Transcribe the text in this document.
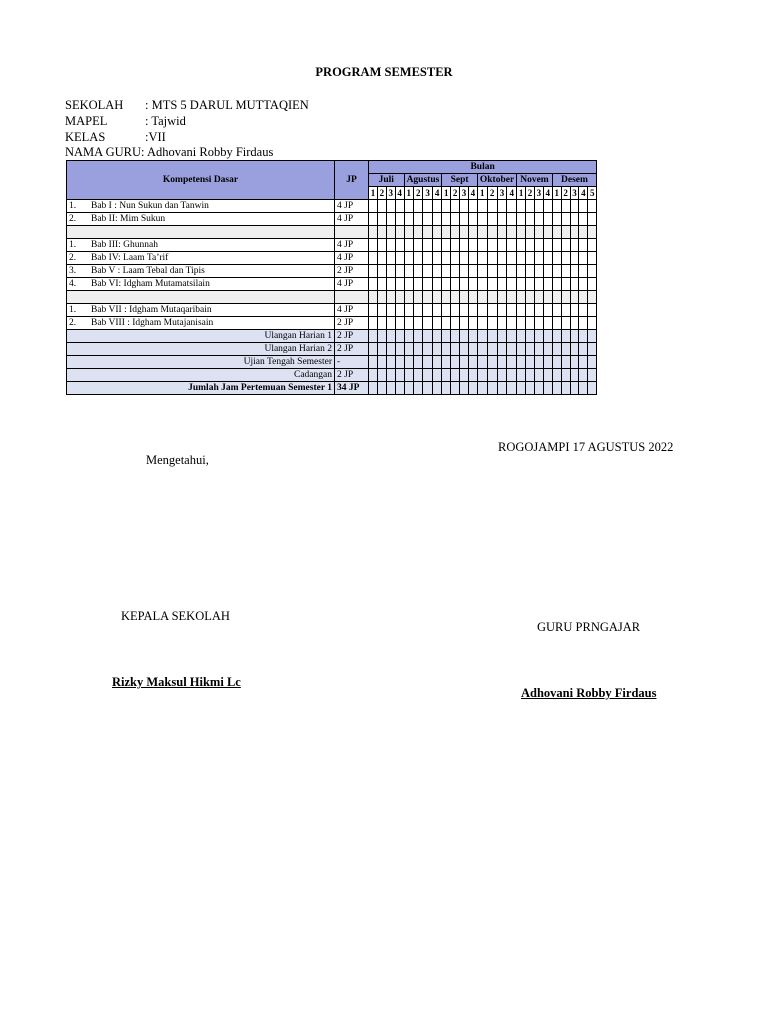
PROGRAM SEMESTER
SEKOLAH : MTS 5 DARUL MUTTAQIEN
MAPEL	: Tajwid
KELAS	:VII
NAMA GURU: Adhovani Robby Firdaus
Kompetensi Dasar	JP	Bulan																								
		Juli				Agustus				Sept				Oktober				Novem				Desem				
		1	2	3	4	1	2	3	4	1	2	3	4	1	2	3	4	1	2	3	4	1	2	3	4	5
1. Bab I : Nun Sukun dan Tanwin	4 JP																									
2. Bab II: Mim Sukun	4 JP																									

1. Bab III: Ghunnah	4 JP																									
2. Bab IV: Laam Ta’rif	4 JP																									
3. Bab V : Laam Tebal dan Tipis	2 JP																									
4. Bab VI: Idgham Mutamatsilain	4 JP																									

1. Bab VII : Idgham Mutaqaribain	4 JP																									
2. Bab VIII : Idgham Mutajanisain	2 JP																									
Ulangan Harian 1	2 JP																									
Ulangan Harian 2	2 JP																									
Ujian Tengah Semester	-																									
Cadangan	2 JP																									
Jumlah Jam Pertemuan Semester 1	34 JP																									
ROGOJAMPI 17 AGUSTUS 2022
Mengetahui,
KEPALA SEKOLAH
GURU PRNGAJAR
Rizky Maksul Hikmi Lc
Adhovani Robby Firdaus
